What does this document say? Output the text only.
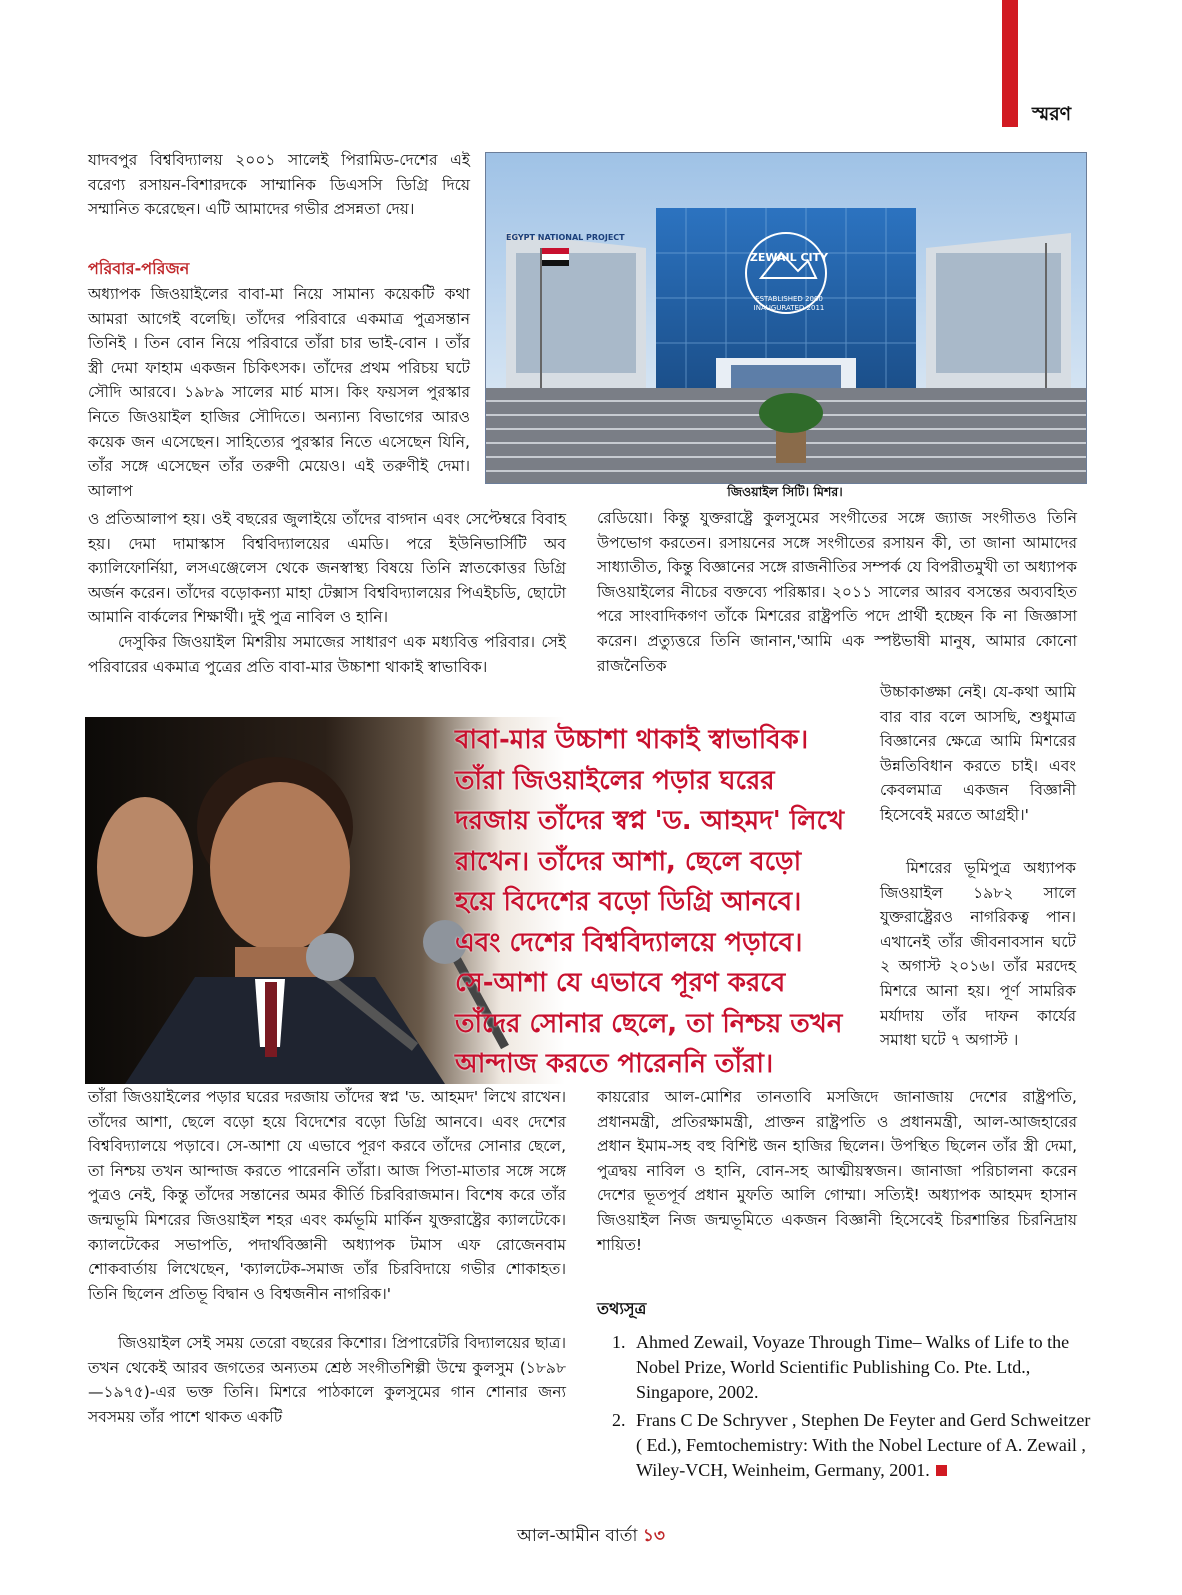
স্মরণ

যাদবপুর বিশ্ববিদ্যালয় ২০০১ সালেই পিরামিড-দেশের এই বরেণ্য রসায়ন-বিশারদকে সাম্মানিক ডিএসসি ডিগ্রি দিয়ে সম্মানিত করেছেন। এটি আমাদের গভীর প্রসন্নতা দেয়।

পরিবার-পরিজন

অধ্যাপক জিওয়াইলের বাবা-মা নিয়ে সামান্য কয়েকটি কথা আমরা আগেই বলেছি। তাঁদের পরিবারে একমাত্র পুত্রসন্তান তিনিই । তিন বোন নিয়ে পরিবারে তাঁরা চার ভাই-বোন । তাঁর স্ত্রী দেমা ফাহাম একজন চিকিৎসক। তাঁদের প্রথম পরিচয় ঘটে সৌদি আরবে। ১৯৮৯ সালের মার্চ মাস। কিং ফয়সল পুরস্কার নিতে জিওয়াইল হাজির সৌদিতে। অন্যান্য বিভাগের আরও কয়েক জন এসেছেন। সাহিত্যের পুরস্কার নিতে এসেছেন যিনি, তাঁর সঙ্গে এসেছেন তাঁর তরুণী মেয়েও। এই তরুণীই দেমা। আলাপ

ও প্রতিআলাপ হয়। ওই বছরের জুলাইয়ে তাঁদের বাগ্দান এবং সেপ্টেম্বরে বিবাহ হয়। দেমা দামাস্কাস বিশ্ববিদ্যালয়ের এমডি। পরে ইউনিভার্সিটি অব ক্যালিফোর্নিয়া, লসএঞ্জেলেস থেকে জনস্বাস্থ্য বিষয়ে তিনি স্নাতকোত্তর ডিগ্রি অর্জন করেন। তাঁদের বড়োকন্যা মাহা টেক্সাস বিশ্ববিদ্যালয়ের পিএইচডি, ছোটো আমানি বার্কলের শিক্ষার্থী। দুই পুত্র নাবিল ও হানি।

দেসুকির জিওয়াইল মিশরীয় সমাজের সাধারণ এক মধ্যবিত্ত পরিবার। সেই পরিবারের একমাত্র পুত্রের প্রতি বাবা-মার উচ্চাশা থাকাই স্বাভাবিক।

ZEWAIL CITY
ESTABLISHED 2000
INAUGURATED 2011
EGYPT NATIONAL PROJECT
জিওয়াইল সিটি। মিশর।

রেডিয়ো। কিন্তু যুক্তরাষ্ট্রে কুলসুমের সংগীতের সঙ্গে জ্যাজ সংগীতও তিনি উপভোগ করতেন। রসায়নের সঙ্গে সংগীতের রসায়ন কী, তা জানা আমাদের সাধ্যাতীত, কিন্তু বিজ্ঞানের সঙ্গে রাজনীতির সম্পর্ক যে বিপরীতমুখী তা অধ্যাপক জিওয়াইলের নীচের বক্তব্যে পরিষ্কার। ২০১১ সালের আরব বসন্তের অব্যবহিত পরে সাংবাদিকগণ তাঁকে মিশরের রাষ্ট্রপতি পদে প্রার্থী হচ্ছেন কি না জিজ্ঞাসা করেন। প্রত্যুত্তরে তিনি জানান,'আমি এক স্পষ্টভাষী মানুষ, আমার কোনো রাজনৈতিক

বাবা-মার উচ্চাশা থাকাই স্বাভাবিক।
তাঁরা জিওয়াইলের পড়ার ঘরের
দরজায় তাঁদের স্বপ্ন 'ড. আহমদ' লিখে
রাখেন। তাঁদের আশা, ছেলে বড়ো
হয়ে বিদেশের বড়ো ডিগ্রি আনবে।
এবং দেশের বিশ্ববিদ্যালয়ে পড়াবে।
সে-আশা যে এভাবে পূরণ করবে
তাঁদের সোনার ছেলে, তা নিশ্চয় তখন
আন্দাজ করতে পারেননি তাঁরা।

উচ্চাকাঙ্ক্ষা নেই। যে-কথা আমি বার বার বলে আসছি, শুধুমাত্র বিজ্ঞানের ক্ষেত্রে আমি মিশরের উন্নতিবিধান করতে চাই। এবং কেবলমাত্র একজন বিজ্ঞানী হিসেবেই মরতে আগ্রহী।'

মিশরের ভূমিপুত্র অধ্যাপক জিওয়াইল ১৯৮২ সালে যুক্তরাষ্ট্রেরও নাগরিকত্ব পান। এখানেই তাঁর জীবনাবসান ঘটে ২ অগাস্ট ২০১৬। তাঁর মরদেহ মিশরে আনা হয়। পূর্ণ সামরিক মর্যাদায় তাঁর দাফন কার্যের সমাধা ঘটে ৭ অগাস্ট ।

তাঁরা জিওয়াইলের পড়ার ঘরের দরজায় তাঁদের স্বপ্ন 'ড. আহমদ' লিখে রাখেন। তাঁদের আশা, ছেলে বড়ো হয়ে বিদেশের বড়ো ডিগ্রি আনবে। এবং দেশের বিশ্ববিদ্যালয়ে পড়াবে। সে-আশা যে এভাবে পূরণ করবে তাঁদের সোনার ছেলে, তা নিশ্চয় তখন আন্দাজ করতে পারেননি তাঁরা। আজ পিতা-মাতার সঙ্গে সঙ্গে পুত্রও নেই, কিন্তু তাঁদের সন্তানের অমর কীর্তি চিরবিরাজমান। বিশেষ করে তাঁর জন্মভূমি মিশরের জিওয়াইল শহর এবং কর্মভূমি মার্কিন যুক্তরাষ্ট্রের ক্যালটেকে। ক্যালটেকের সভাপতি, পদার্থবিজ্ঞানী অধ্যাপক টমাস এফ রোজেনবাম শোকবার্তায় লিখেছেন, 'ক্যালটেক-সমাজ তাঁর চিরবিদায়ে গভীর শোকাহত। তিনি ছিলেন প্রতিভূ বিদ্বান ও বিশ্বজনীন নাগরিক।'

জিওয়াইল সেই সময় তেরো বছরের কিশোর। প্রিপারেটরি বিদ্যালয়ের ছাত্র। তখন থেকেই আরব জগতের অন্যতম শ্রেষ্ঠ সংগীতশিল্পী উম্মে কুলসুম (১৮৯৮—১৯৭৫)-এর ভক্ত তিনি। মিশরে পাঠকালে কুলসুমের গান শোনার জন্য সবসময় তাঁর পাশে থাকত একটি

কায়রোর আল-মোশির তানতাবি মসজিদে জানাজায় দেশের রাষ্ট্রপতি, প্রধানমন্ত্রী, প্রতিরক্ষামন্ত্রী, প্রাক্তন রাষ্ট্রপতি ও প্রধানমন্ত্রী, আল-আজহারের প্রধান ইমাম-সহ বহু বিশিষ্ট জন হাজির ছিলেন। উপস্থিত ছিলেন তাঁর স্ত্রী দেমা, পুত্রদ্বয় নাবিল ও হানি, বোন-সহ আত্মীয়স্বজন। জানাজা পরিচালনা করেন দেশের ভূতপূর্ব প্রধান মুফতি আলি গোম্মা। সত্যিই! অধ্যাপক আহমদ হাসান জিওয়াইল নিজ জন্মভূমিতে একজন বিজ্ঞানী হিসেবেই চিরশান্তির চিরনিদ্রায় শায়িত!

তথ্যসূত্র
1. Ahmed Zewail, Voyaze Through Time– Walks of Life to the Nobel Prize, World Scientific Publishing Co. Pte. Ltd., Singapore, 2002.
2. Frans C De Schryver , Stephen De Feyter and Gerd Schweitzer ( Ed.), Femtochemistry: With the Nobel Lecture of A. Zewail , Wiley-VCH, Weinheim, Germany, 2001.
আল-আমীন বার্তা ১৩
